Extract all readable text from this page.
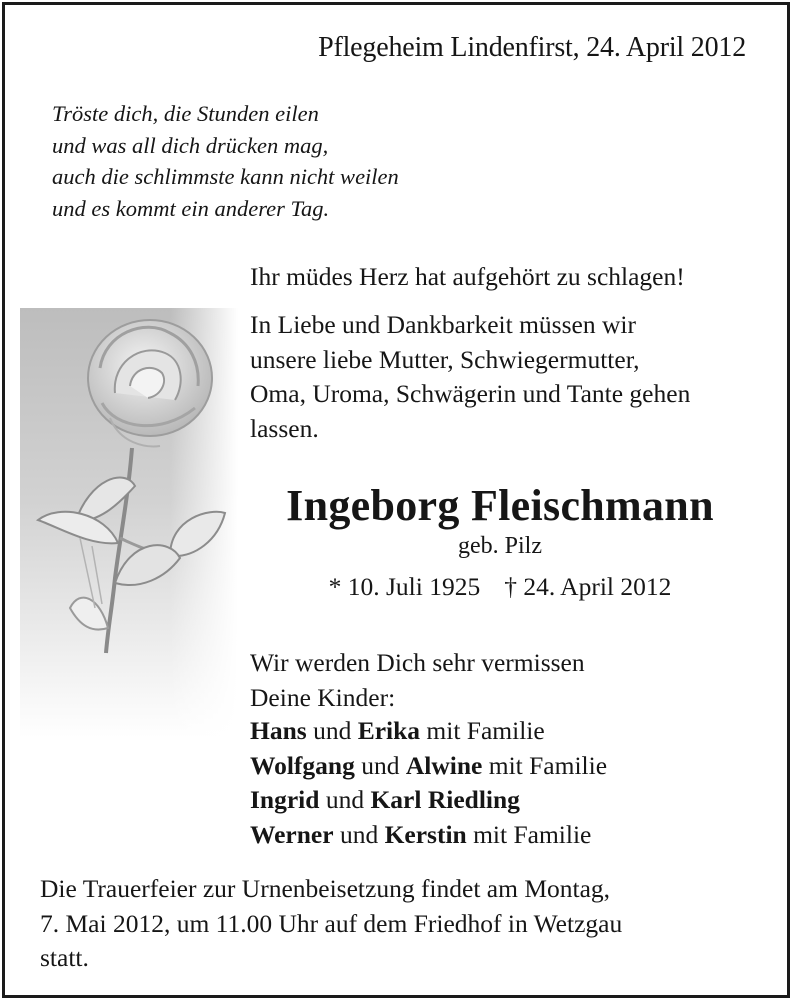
Pflegeheim Lindenfirst, 24. April 2012
Tröste dich, die Stunden eilen
und was all dich drücken mag,
auch die schlimmste kann nicht weilen
und es kommt ein anderer Tag.
Ihr müdes Herz hat aufgehört zu schlagen!
In Liebe und Dankbarkeit müssen wir
unsere liebe Mutter, Schwiegermutter,
Oma, Uroma, Schwägerin und Tante gehen
lassen.
Ingeborg Fleischmann
geb. Pilz
* 10. Juli 1925 † 24. April 2012
Wir werden Dich sehr vermissen
Deine Kinder:
Hans und Erika mit Familie
Wolfgang und Alwine mit Familie
Ingrid und Karl Riedling
Werner und Kerstin mit Familie
Die Trauerfeier zur Urnenbeisetzung findet am Montag,
7. Mai 2012, um 11.00 Uhr auf dem Friedhof in Wetzgau
statt.
